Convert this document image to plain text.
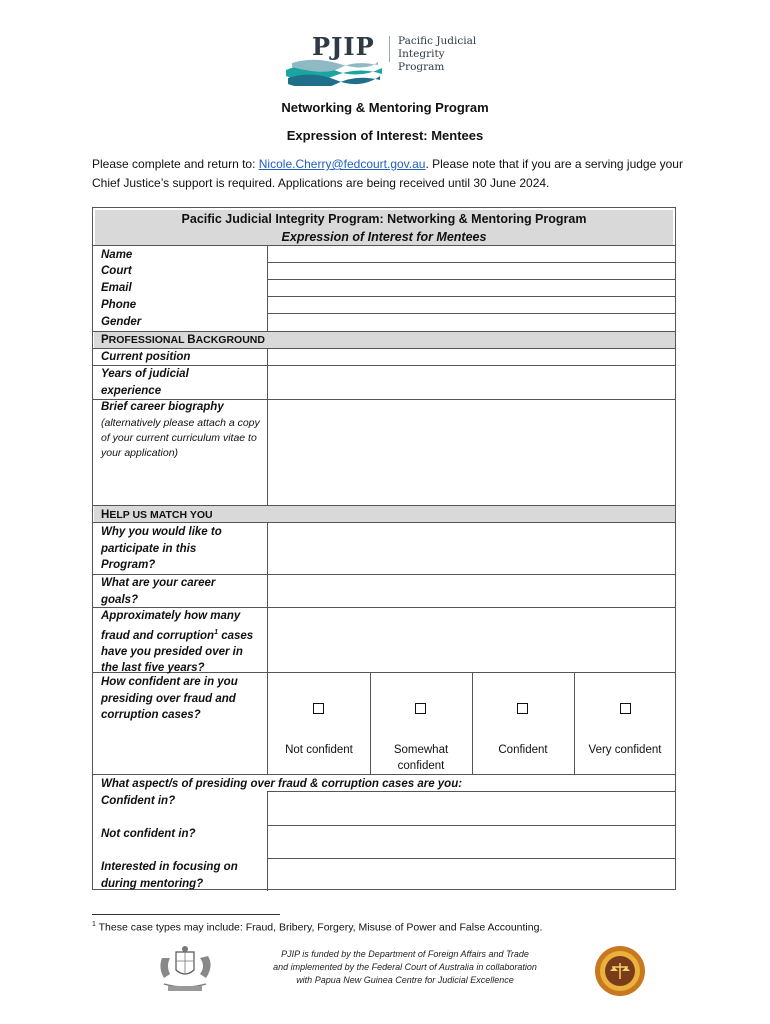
PJIP Pacific Judicial
Integrity Program
Networking & Mentoring Program
Expression of Interest: Mentees
Please complete and return to: Nicole.Cherry@fedcourt.gov.au. Please note that if you are a serving judge your Chief Justice’s support is required. Applications are being received until 30 June 2024.
Pacific Judicial Integrity Program: Networking & Mentoring Program
Expression of Interest for Mentees
Name
Court
Email
Phone
Gender
PROFESSIONAL BACKGROUND
Current position
Years of judicial experience
Brief career biography
(alternatively please attach a copy of your current curriculum vitae to your application)
HELP US MATCH YOU
Why you would like to participate in this Program?
What are your career goals?
Approximately how many fraud and corruption$^1$ cases have you presided over in the last five years?
How confident are in you presiding over fraud and corruption cases?
Not confident	Somewhat confident
Confident	Very confident
What aspect/s of presiding over fraud & corruption cases are you:
Confident in?
Not confident in?
Interested in focusing on during mentoring?
$^1$ These case types may include: Fraud, Bribery, Forgery, Misuse of Power and False Accounting.
PJIP is funded by the Department of Foreign Affairs and Trade
and implemented by the Federal Court of Australia in collaboration
with Papua New Guinea Centre for Judicial Excellence
